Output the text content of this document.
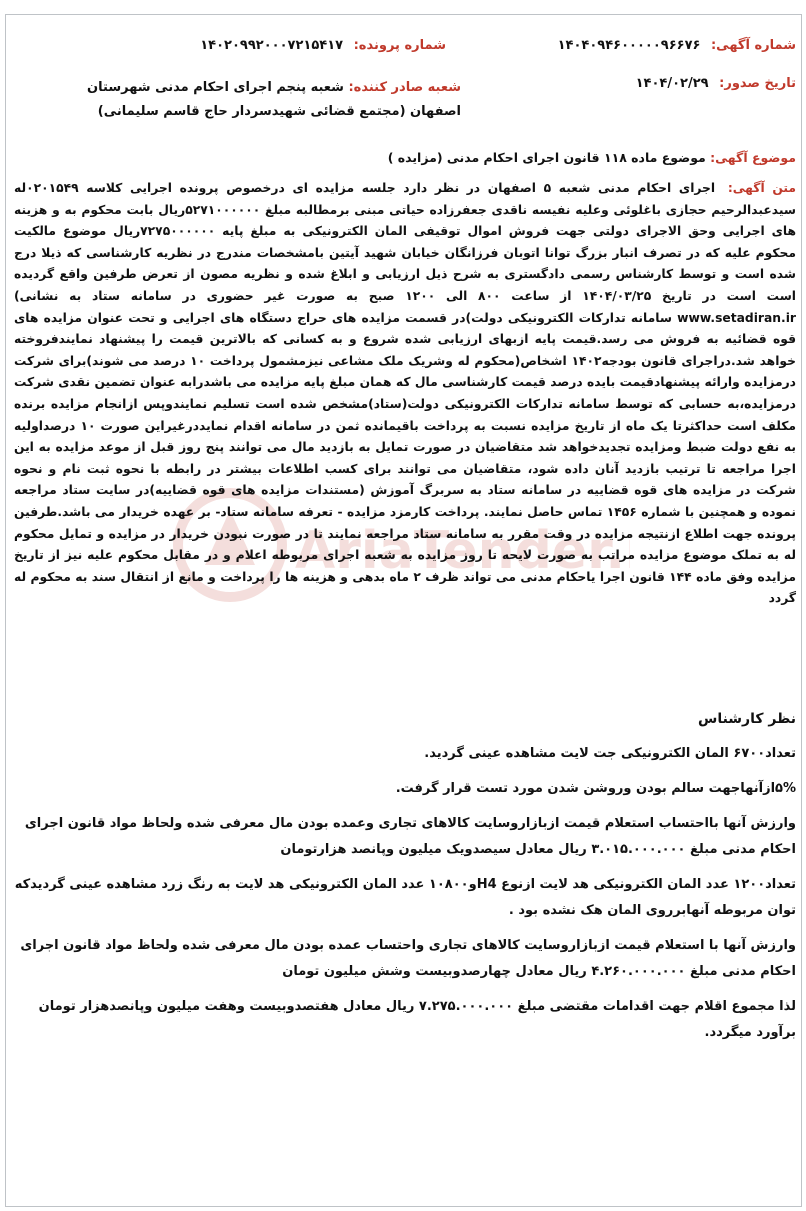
شماره آگهی: ۱۴۰۴۰۹۴۶۰۰۰۰۰۹۶۶۷۶
شماره پرونده: ۱۴۰۲۰۹۹۲۰۰۰۷۲۱۵۴۱۷
تاریخ صدور: ۱۴۰۴/۰۲/۲۹
شعبه صادر کننده: شعبه پنجم اجرای احکام مدنی شهرستان اصفهان (مجتمع قضائی شهیدسردار حاج قاسم سلیمانی)
موضوع آگهی: موضوع ماده ۱۱۸ قانون اجرای احکام مدنی (مزایده )
متن آگهی: اجرای احکام مدنی شعبه ۵ اصفهان در نظر دارد جلسه مزایده ای درخصوص پرونده اجرایی کلاسه ۰۲۰۱۵۴۹له سیدعبدالرحیم حجازی باغلوئی وعلیه نفیسه ناقدی جعفرزاده حیاتی مبنی برمطالبه مبلغ ۵۲۷۱۰۰۰۰۰۰ریال بابت محکوم به و هزینه های اجرایی وحق الاجرای دولتی جهت فروش اموال توقیفی المان الکترونیکی به مبلغ پایه ۷۲۷۵۰۰۰۰۰۰ریال موضوع مالکیت محکوم علیه که در تصرف انبار بزرگ توانا اتوبان فرزانگان خیابان شهید آیتین بامشخصات مندرج در نظریه کارشناسی که ذیلا درج شده است و توسط کارشناس رسمی دادگستری به شرح ذیل ارزیابی و ابلاغ شده و نظریه مصون از تعرض طرفین واقع گردیده است است در تاریخ ۱۴۰۴/۰۳/۲۵ از ساعت ۸۰۰ الی ۱۲۰۰ صبح به صورت غیر حضوری در سامانه ستاد به نشانی) www.setadiran.ir سامانه تدارکات الکترونیکی دولت)در قسمت مزایده های حراج دستگاه های اجرایی و تحت عنوان مزایده های قوه قضائیه به فروش می رسد.قیمت پایه ازبهای ارزیابی شده شروع و به کسانی که بالاترین قیمت را پیشنهاد نمایندفروخته خواهد شد.دراجرای قانون بودجه۱۴۰۲ اشخاص(محکوم له وشریک ملک مشاعی نیزمشمول پرداخت ۱۰ درصد می شوند)برای شرکت درمزایده وارائه پیشنهادقیمت بایده درصد قیمت کارشناسی مال که همان مبلغ پایه مزایده می باشدرابه عنوان تضمین نقدی شرکت درمزایده،به حسابی که توسط سامانه تدارکات الکترونیکی دولت(ستاد)مشخص شده است تسلیم نمایندوپس ازانجام مزایده برنده مکلف است حداکثرتا یک ماه از تاریخ مزایده نسبت به پرداخت باقیمانده ثمن در سامانه اقدام نمایددرغیراین صورت ۱۰ درصداولیه به نفع دولت ضبط ومزایده تجدیدخواهد شد متقاضیان در صورت تمایل به بازدید مال می توانند پنج روز قبل از موعد مزایده به این اجرا مراجعه تا ترتیب بازدید آنان داده شود، متقاضیان می توانند برای کسب اطلاعات بیشتر در رابطه با نحوه ثبت نام و نحوه شرکت در مزایده های قوه قضاییه در سامانه ستاد به سربرگ آموزش (مستندات مزایده های قوه قضاییه)در سایت ستاد مراجعه نموده و همچنین با شماره ۱۴۵۶ تماس حاصل نمایند. پرداخت کارمزد مزایده - تعرفه سامانه ستاد- بر عهده خریدار می باشد.طرفین پرونده جهت اطلاع ازنتیجه مزایده در وقت مقرر به سامانه ستاد مراجعه نمایند تا در صورت نبودن خریدار در مزایده و تمایل محکوم له به تملک موضوع مزایده مراتب به صورت لایحه تا روز مزایده به شعبه اجرای مربوطه اعلام و در مقابل محکوم علیه نیز از تاریخ مزایده وفق ماده ۱۴۴ قانون اجرا یاحکام مدنی می تواند ظرف ۲ ماه بدهی و هزینه ها را پرداخت و مانع از انتقال سند به محکوم له گردد

نظر کارشناس

تعداد۶۷۰۰ المان الکترونیکی جت لایت مشاهده عینی گردید.

۵%ازآنهاجهت سالم بودن وروشن شدن مورد تست قرار گرفت.

وارزش آنها بااحتساب استعلام قیمت ازبازاروسایت کالاهای تجاری وعمده بودن مال معرفی شده ولحاظ مواد قانون اجرای احکام مدنی مبلغ ۳.۰۱۵.۰۰۰.۰۰۰ ریال معادل سیصدویک میلیون وپانصد هزارتومان

تعداد۱۲۰۰ عدد المان الکترونیکی هد لایت ازنوع H4و۱۰۸۰۰ عدد المان الکترونیکی هد لایت به رنگ زرد مشاهده عینی گردیدکه توان مربوطه آنهابرروی المان هک نشده بود .

وارزش آنها با استعلام قیمت ازبازاروسایت کالاهای تجاری واحتساب عمده بودن مال معرفی شده ولحاظ مواد قانون اجرای احکام مدنی مبلغ ۴.۲۶۰.۰۰۰.۰۰۰ ریال معادل چهارصدوبیست وشش میلیون تومان

لذا مجموع اقلام جهت اقدامات مقتضی مبلغ ۷.۲۷۵.۰۰۰.۰۰۰ ریال معادل هفتصدوبیست وهفت میلیون وپانصدهزار تومان برآورد میگردد.
